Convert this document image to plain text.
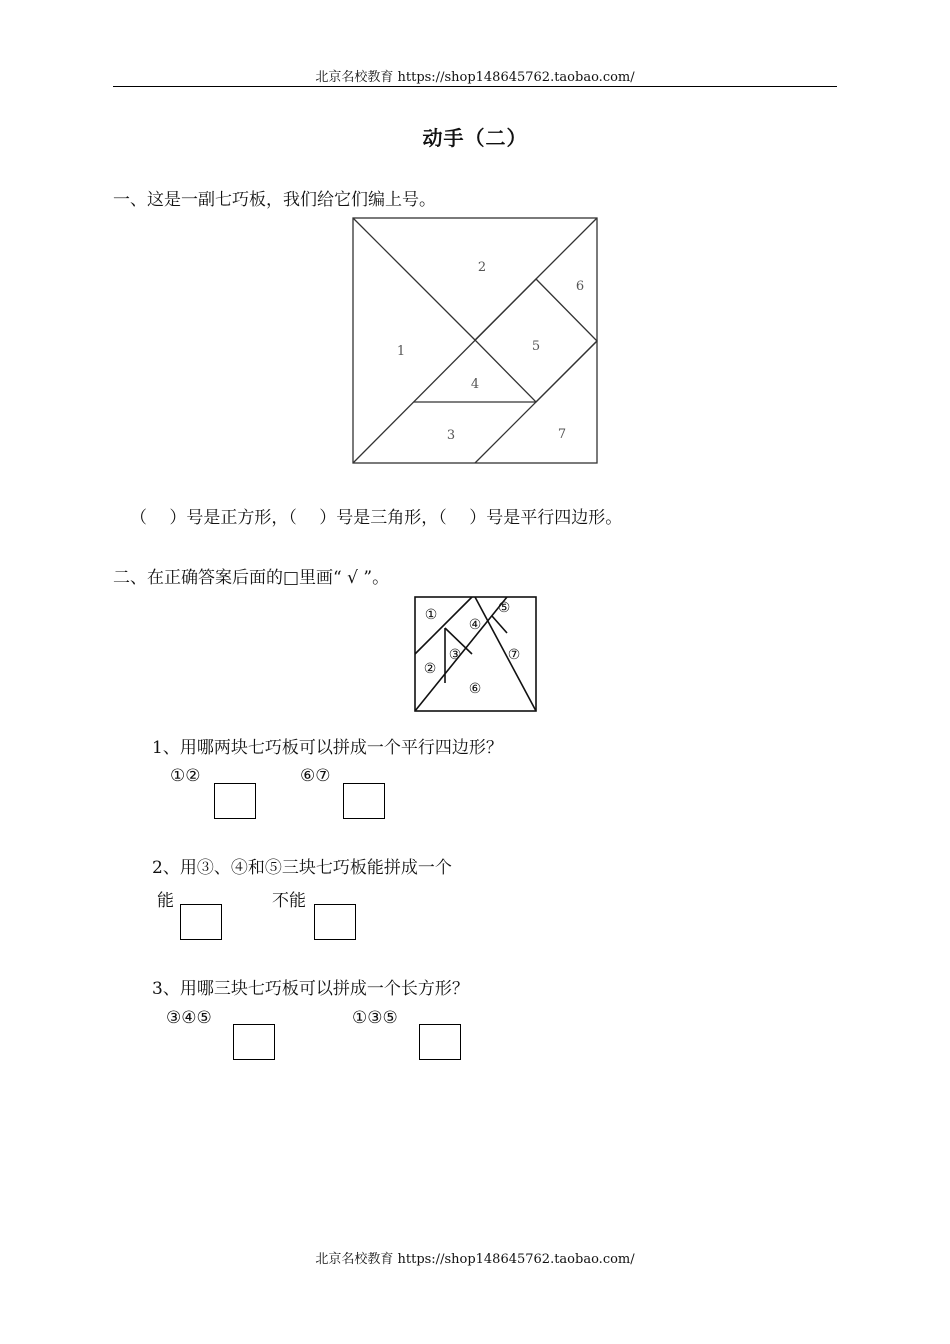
北京名校教育 https://shop148645762.taobao.com/
动手（二）
一、这是一副七巧板，我们给它们编上号。
1
2
3
4
5
6
7
（　 ）号是正方形，（　 ）号是三角形，（　 ）号是平行四边形。
二、在正确答案后面的□里画“ √ ”。
①
②
③
④
⑤
⑥
⑦
1、用哪两块七巧板可以拼成一个平行四边形？
①②	⑥⑦
2、用③、④和⑤三块七巧板能拼成一个
能	不能
3、用哪三块七巧板可以拼成一个长方形？
③④⑤	①③⑤
北京名校教育 https://shop148645762.taobao.com/
